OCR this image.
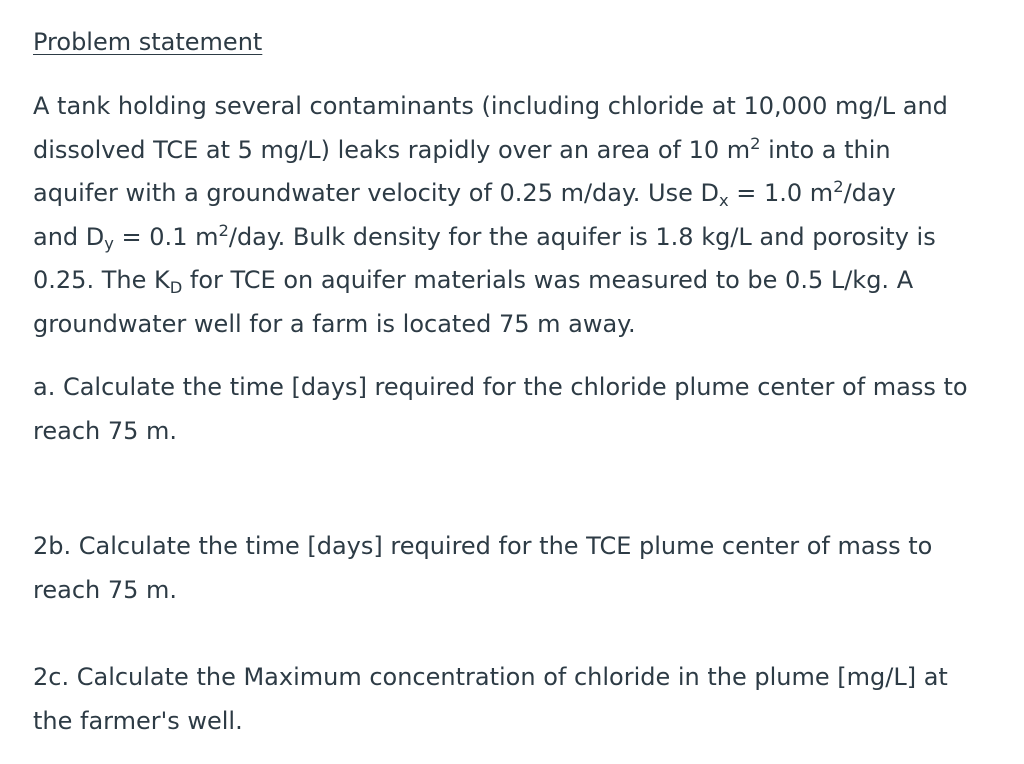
Problem statement
A tank holding several contaminants (including chloride at 10,000 mg/L and
dissolved TCE at 5 mg/L) leaks rapidly over an area of 10 $m^2$ into a thin
aquifer with a groundwater velocity of 0.25 m/day. Use $D_x = 1.0$ $m^2$/day
and $D_y = 0.1$ $m^2$/day. Bulk density for the aquifer is 1.8 kg/L and porosity is
0.25. The $K_D$ for TCE on aquifer materials was measured to be 0.5 L/kg. A
groundwater well for a farm is located 75 m away.
a. Calculate the time [days] required for the chloride plume center of mass to
reach 75 m.
2b. Calculate the time [days] required for the TCE plume center of mass to
reach 75 m.
2c. Calculate the Maximum concentration of chloride in the plume [mg/L] at
the farmer's well.
